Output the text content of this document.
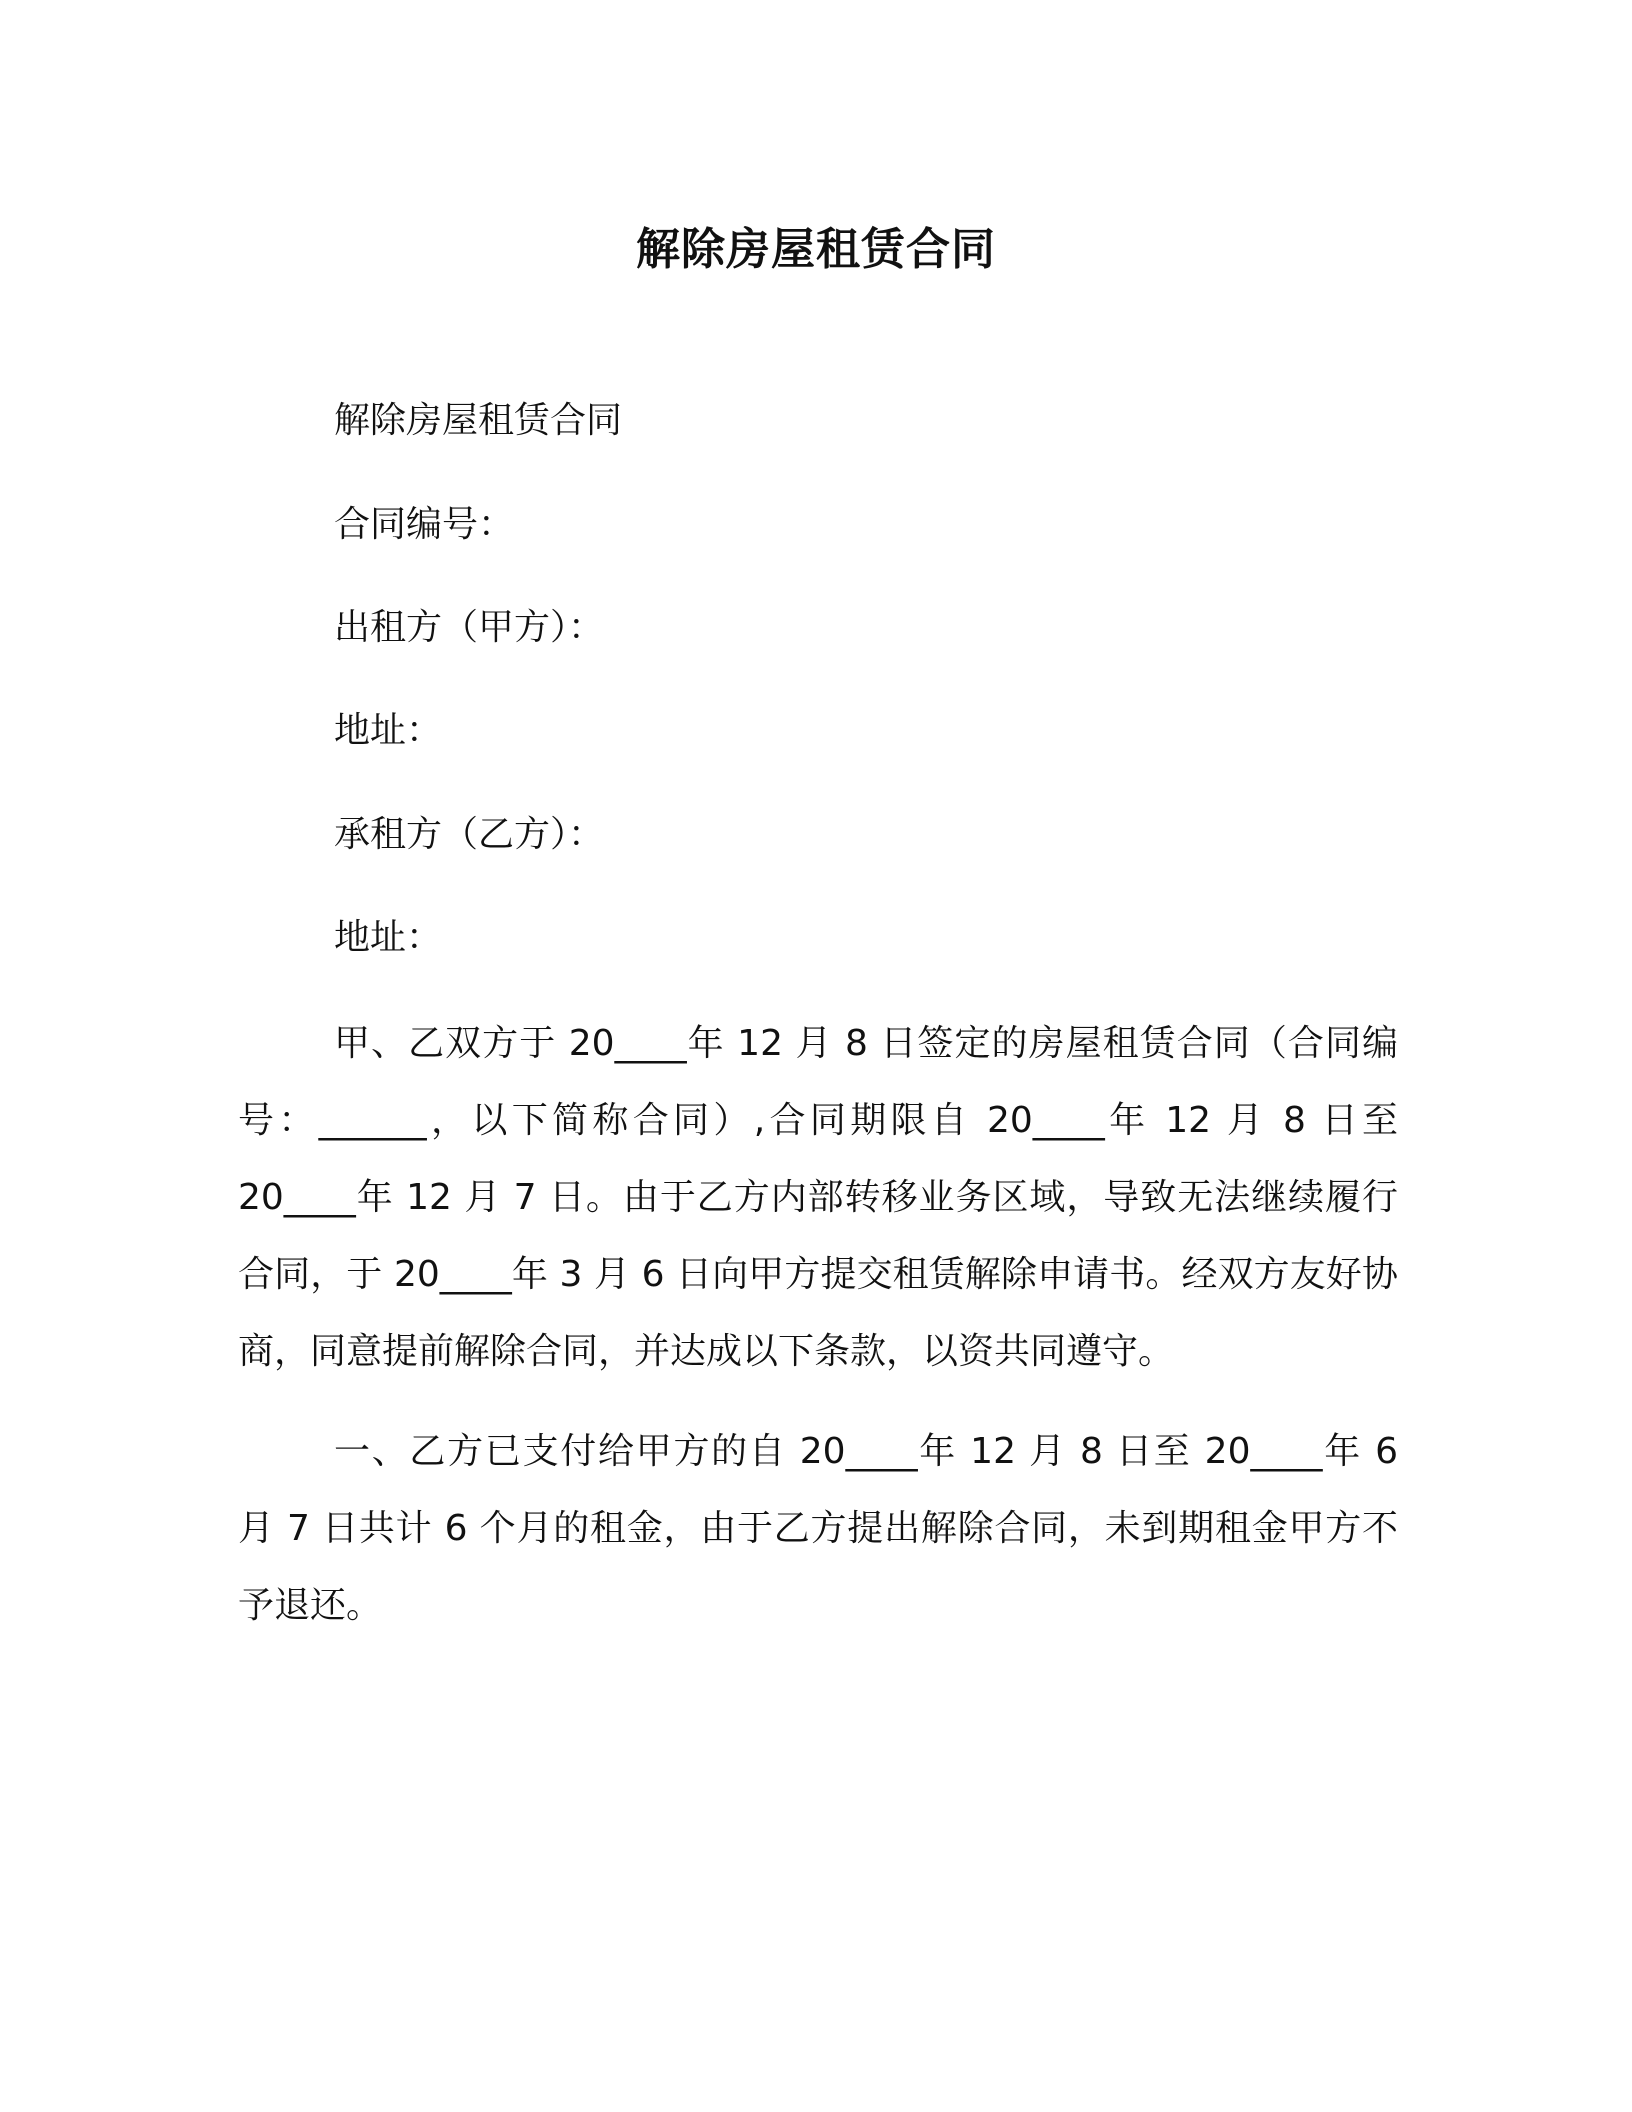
解除房屋租赁合同

解除房屋租赁合同

合同编号：

出租方（甲方）：

地址：

承租方（乙方）：

地址：

甲、乙双方于 20____年 12 月 8 日签定的房屋租赁合同（合同编号：______，以下简称合同）,合同期限自 20____年 12 月 8 日至 20____年 12 月 7 日。由于乙方内部转移业务区域，导致无法继续履行合同，于 20____年 3 月 6 日向甲方提交租赁解除申请书。经双方友好协商，同意提前解除合同，并达成以下条款，以资共同遵守。

一、乙方已支付给甲方的自 20____年 12 月 8 日至 20____年 6 月 7 日共计 6 个月的租金，由于乙方提出解除合同，未到期租金甲方不予退还。
